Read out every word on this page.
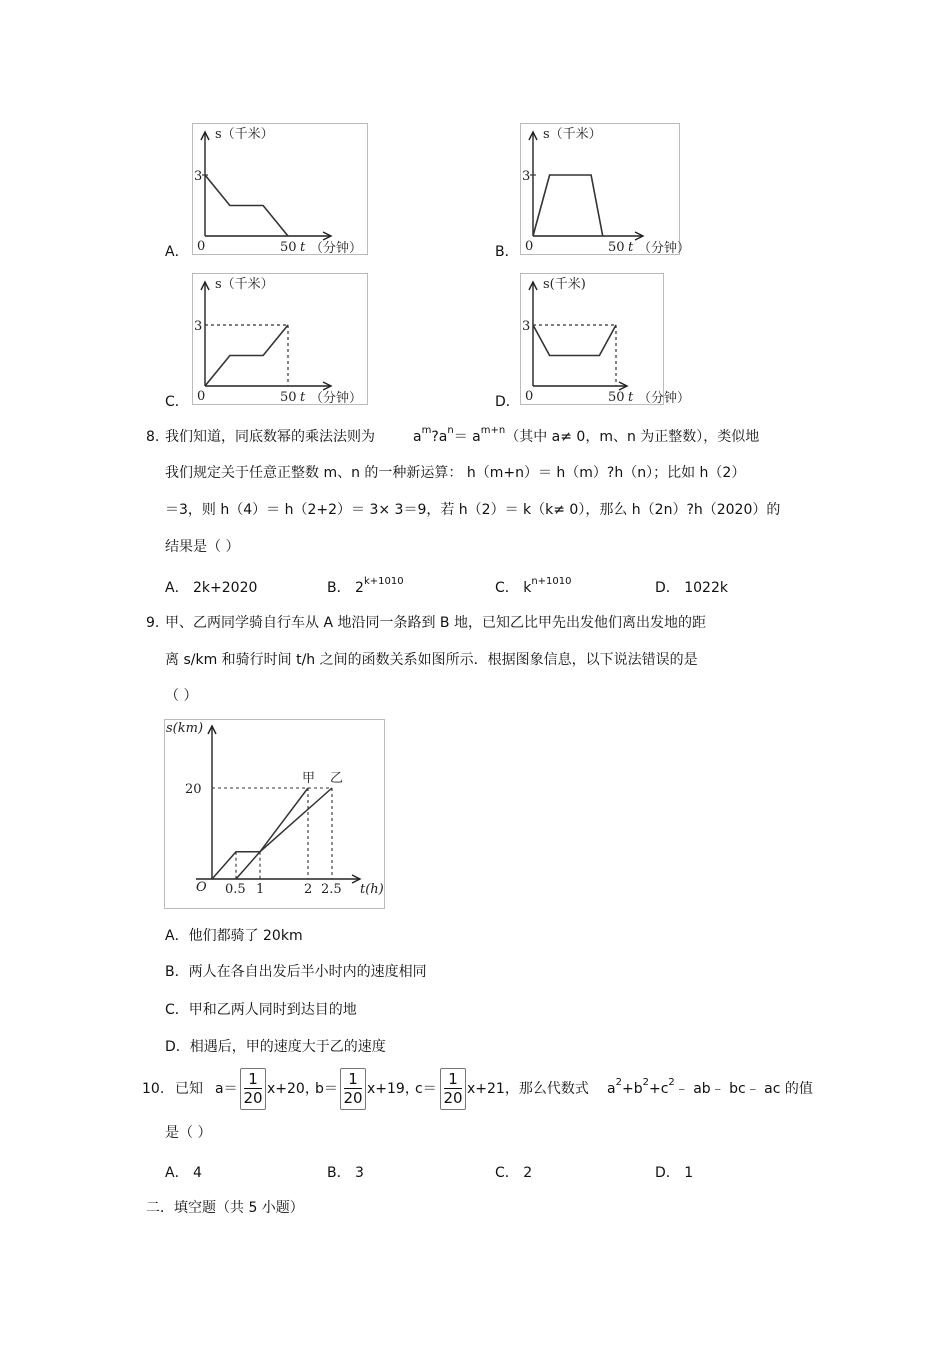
s（千米）
3
0	50 t （分钟）
A．
s（千米）
3
0	50 t （分钟）
B．
s（千米）
3
0	50 t （分钟）
C．
s(千米)
3
0	50 t （分钟）
D．
8. 我们知道，同底数幂的乘法法则为	$a^m?a^n= a^{m+n}$（其中 a≠ 0，m、n 为正整数），类似地
我们规定关于任意正整数 m、n 的一种新运算： h（m+n）＝ h（m）?h（n）；比如 h（2）
＝3，则 h（4）＝ h（2+2）＝ 3× 3＝9，若 h（2）＝ k（k≠ 0），那么 h（2n）?h（2020）的
结果是（ ）
A． 2k+2020	B． $2^{k+1010}$	C． $k^{n+1010}$	D． 1022k
9. 甲、乙两同学骑自行车从 A 地沿同一条路到 B 地，已知乙比甲先出发他们离出发地的距
离 s/km 和骑行时间 t/h 之间的函数关系如图所示．根据图象信息，以下说法错误的是
（ ）
s(km)
20
O 0.5 1	2 2.5 t(h)
甲 乙
A．他们都骑了 20km
B．两人在各自出发后半小时内的速度相同
C．甲和乙两人同时到达目的地
D．相遇后，甲的速度大于乙的速度
10. 已知 a＝
1
20 x+20，
b＝
1
20 x+19，
c＝
1
20 x+21，那么代数式 $a^2+b^2+c^2﹣$ ab﹣ bc﹣ ac 的值
是（ ）
A． 4	B． 3	C． 2	D． 1
二．填空题（共 5 小题）
